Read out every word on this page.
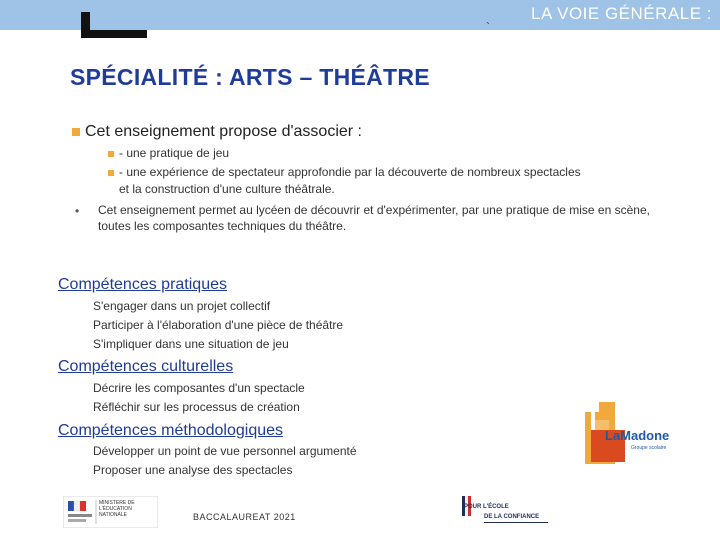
LA VOIE GÉNÉRALE :
`
SPÉCIALITÉ : ARTS – THÉÂTRE
Cet enseignement propose d'associer :
- une pratique de jeu
- une expérience de spectateur approfondie par la découverte de nombreux spectacles
et la construction d'une culture théâtrale.
• Cet enseignement permet au lycéen de découvrir et d'expérimenter, par une pratique de mise en scène, toutes les composantes techniques du théâtre.
Compétences pratiques
S'engager dans un projet collectif
Participer à l'élaboration d'une pièce de théâtre
S'impliquer dans une situation de jeu
Compétences culturelles
Décrire les composantes d'un spectacle
Réfléchir sur les processus de création
Compétences méthodologiques
Développer un point de vue personnel argumenté
Proposer une analyse des spectacles
LaMadone
Groupe scolaire
MINISTÈRE DE L'ÉDUCATION NATIONALE	BACCALAUREAT 2021
POUR L'ÉCOLE
DE LA CONFIANCE
